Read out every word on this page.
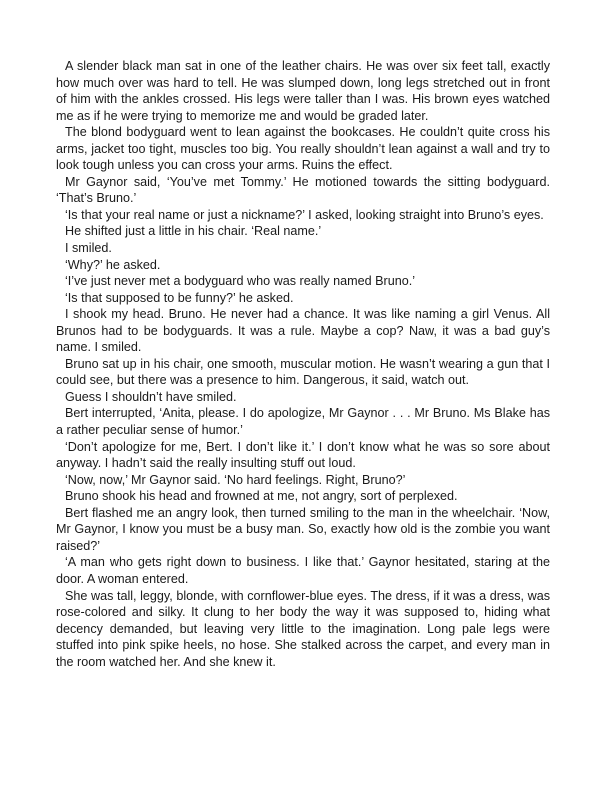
A slender black man sat in one of the leather chairs. He was over six feet tall, exactly how much over was hard to tell. He was slumped down, long legs stretched out in front of him with the ankles crossed. His legs were taller than I was. His brown eyes watched me as if he were trying to memorize me and would be graded later.

The blond bodyguard went to lean against the bookcases. He couldn’t quite cross his arms, jacket too tight, muscles too big. You really shouldn’t lean against a wall and try to look tough unless you can cross your arms. Ruins the effect.

Mr Gaynor said, ‘You’ve met Tommy.’ He motioned towards the sitting bodyguard. ‘That’s Bruno.’

‘Is that your real name or just a nickname?’ I asked, looking straight into Bruno’s eyes.

He shifted just a little in his chair. ‘Real name.’

I smiled.

‘Why?’ he asked.

‘I’ve just never met a bodyguard who was really named Bruno.’

‘Is that supposed to be funny?’ he asked.

I shook my head. Bruno. He never had a chance. It was like naming a girl Venus. All Brunos had to be bodyguards. It was a rule. Maybe a cop? Naw, it was a bad guy’s name. I smiled.

Bruno sat up in his chair, one smooth, muscular motion. He wasn’t wearing a gun that I could see, but there was a presence to him. Dangerous, it said, watch out.

Guess I shouldn’t have smiled.

Bert interrupted, ‘Anita, please. I do apologize, Mr Gaynor . . . Mr Bruno. Ms Blake has a rather peculiar sense of humor.’

‘Don’t apologize for me, Bert. I don’t like it.’ I don’t know what he was so sore about anyway. I hadn’t said the really insulting stuff out loud.

‘Now, now,’ Mr Gaynor said. ‘No hard feelings. Right, Bruno?’

Bruno shook his head and frowned at me, not angry, sort of perplexed.

Bert flashed me an angry look, then turned smiling to the man in the wheelchair. ‘Now, Mr Gaynor, I know you must be a busy man. So, exactly how old is the zombie you want raised?’

‘A man who gets right down to business. I like that.’ Gaynor hesitated, staring at the door. A woman entered.

She was tall, leggy, blonde, with cornflower-blue eyes. The dress, if it was a dress, was rose-colored and silky. It clung to her body the way it was supposed to, hiding what decency demanded, but leaving very little to the imagination. Long pale legs were stuffed into pink spike heels, no hose. She stalked across the carpet, and every man in the room watched her. And she knew it.
